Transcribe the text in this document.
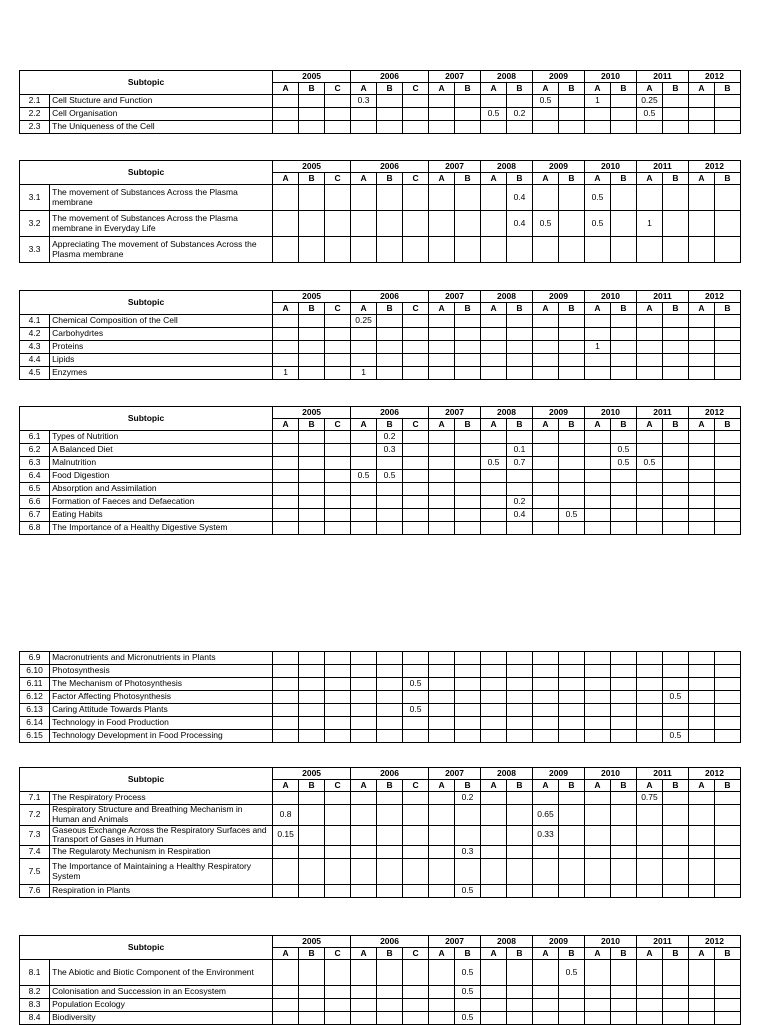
Subtopic		2005			2006			2007		2008		2009		2010		2011		2012	
		A	B	C	A	B	C	A	B	A	B	A	B	A	B	A	B	A	B
2.1	Cell Stucture and Function				0.3							0.5		1		0.25			
2.2	Cell Organisation									0.5	0.2					0.5			
2.3	The Uniqueness of the Cell																		
Subtopic		2005			2006			2007		2008		2009		2010		2011		2012	
		A	B	C	A	B	C	A	B	A	B	A	B	A	B	A	B	A	B
3.1	The movement of Substances Across the Plasma membrane										0.4			0.5					
3.2	The movement of Substances Across the Plasma membrane in Everyday Life										0.4	0.5		0.5		1			
3.3	Appreciating The movement of Substances Across the Plasma membrane																		
Subtopic		2005			2006			2007		2008		2009		2010		2011		2012	
		A	B	C	A	B	C	A	B	A	B	A	B	A	B	A	B	A	B
4.1	Chemical Composition of the Cell				0.25														
4.2	Carbohydrtes																		
4.3	Proteins													1					
4.4	Lipids																		
4.5	Enzymes	1			1														
Subtopic		2005			2006			2007		2008		2009		2010		2011		2012	
		A	B	C	A	B	C	A	B	A	B	A	B	A	B	A	B	A	B
6.1	Types of Nutrition					0.2													
6.2	A Balanced Diet					0.3					0.1				0.5				
6.3	Malnutrition									0.5	0.7				0.5	0.5			
6.4	Food Digestion				0.5	0.5													
6.5	Absorption and Assimilation																		
6.6	Formation of Faeces and Defaecation										0.2								
6.7	Eating Habits										0.4		0.5						
6.8	The Importance of a Healthy Digestive System																		
6.9	Macronutrients and Micronutrients in Plants																		
6.10	Photosynthesis																		
6.11	The Mechanism of Photosynthesis						0.5												
6.12	Factor Affecting Photosynthesis																0.5		
6.13	Caring Attitude Towards Plants						0.5												
6.14	Technology in Food Production																		
6.15	Technology Development in Food Processing																0.5		
Subtopic		2005			2006			2007		2008		2009		2010		2011		2012	
		A	B	C	A	B	C	A	B	A	B	A	B	A	B	A	B	A	B
7.1	The Respiratory Process								0.2							0.75			
7.2	Respiratory Structure and Breathing Mechanism in Human and Animals	0.8										0.65							
7.3	Gaseous Exchange Across the Respiratory Surfaces and Transport of Gases in Human	0.15										0.33							
7.4	The Regularoty Mechunism in Respiration								0.3										
7.5	The Importance of Maintaining a Healthy Respiratory System																		
7.6	Respiration in Plants								0.5										
Subtopic		2005			2006			2007		2008		2009		2010		2011		2012	
		A	B	C	A	B	C	A	B	A	B	A	B	A	B	A	B	A	B
8.1	The Abiotic and Biotic Component of the Environment								0.5				0.5						
8.2	Colonisation and Succession in an Ecosystem								0.5										
8.3	Population Ecology																		
8.4	Biodiversity								0.5										
